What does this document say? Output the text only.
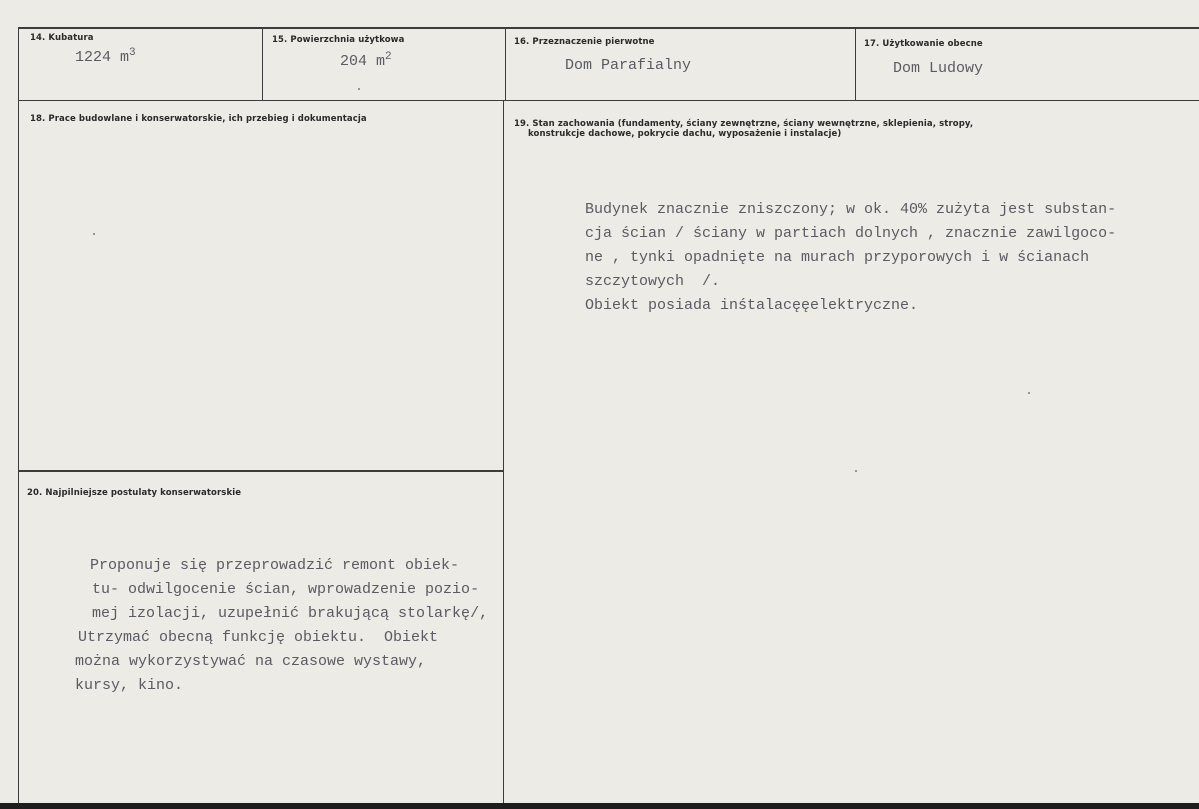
14. Kubatura
1224 $m^3$
15. Powierzchnia użytkowa
204 $m^2$
16. Przeznaczenie pierwotne
Dom Parafialny
17. Użytkowanie obecne
Dom Ludowy
18. Prace budowlane i konserwatorskie, ich przebieg i dokumentacja	19. Stan zachowania (fundamenty, ściany zewnętrzne, ściany wewnętrzne, sklepienia, stropy,
konstrukcje dachowe, pokrycie dachu, wyposażenie i instalacje)

Budynek znacznie zniszczony; w ok. 40% zużyta jest substan-
cja ścian / ściany w partiach dolnych , znacznie zawilgoco-
ne , tynki opadnięte na murach przyporowych i w ścianach
szczytowych  /.
Obiekt posiada inśtalacęęelektryczne.

20. Najpilniejsze postulaty konserwatorskie

Proponuje się przeprowadzić remont obiek-
tu- odwilgocenie ścian, wprowadzenie pozio-
mej izolacji, uzupełnić brakującą stolarkę/,
Utrzymać obecną funkcję obiektu.  Obiekt
można wykorzystywać na czasowe wystawy,
kursy, kino.
